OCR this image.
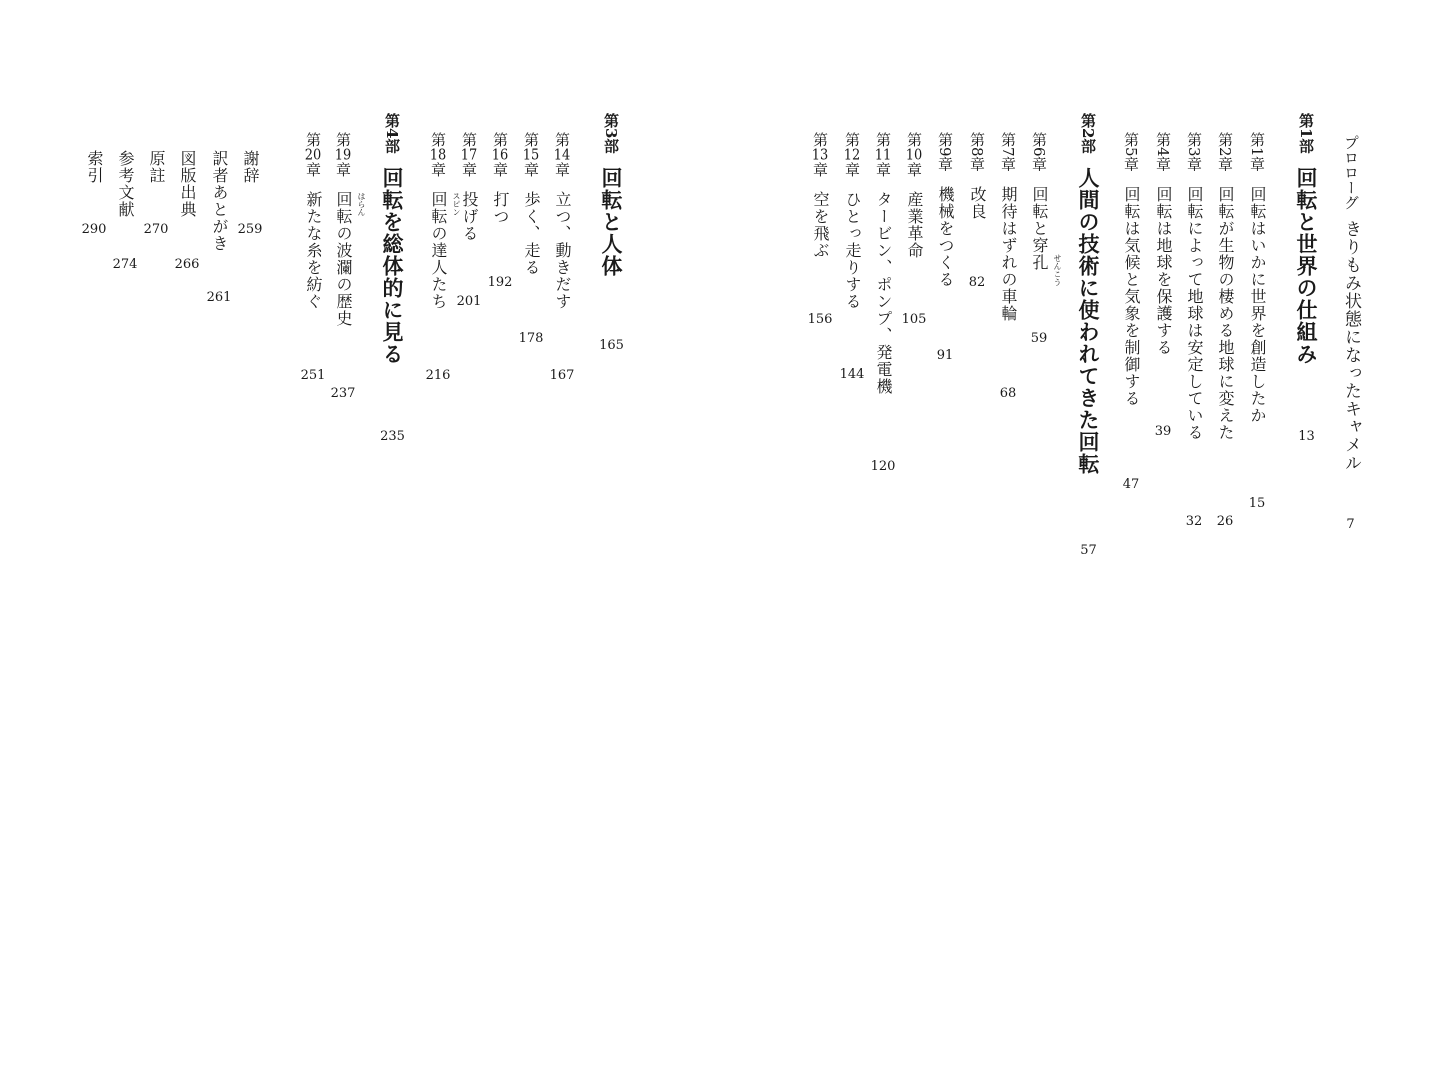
プロローグきりもみ状態になったキャメル
7
第1部回転と世界の仕組み
13
第1章回転はいかに世界を創造したか
15
第2章回転が生物の棲める地球に変えた
26
第3章回転によって地球は安定している
32
第4章回転は地球を保護する
39
第5章回転は気候と気象を制御する
47
第2部人間の技術に使われてきた回転
57
第6章回転と穿孔 せんこう
59
第7章期待はずれの車輪
68
第8章改良
82
第9章機械をつくる
91
第10章産業革命
105
第11章タービン、ポンプ、発電機
120
第12章ひとっ走りする
144
第13章空を飛ぶ
156
第3部回転と人体
165
第14章立つ、動きだす
167
第15章歩く、走る
178
第16章打つ
192
第17章投げる
201
第18章回転の達人たち スピン
216
第4部回転を総体的に見る
235
第19章回転の波瀾の歴史 はらん
237
第20章新たな糸を紡ぐ
251
謝辞
259
訳者あとがき
261
図版出典
266
原註
270
参考文献
274
索引
290
